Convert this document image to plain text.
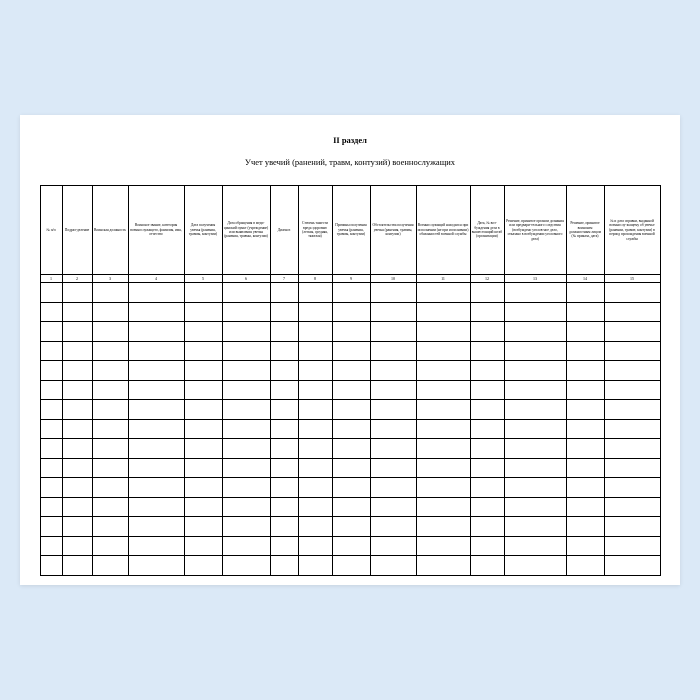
II раздел
Учет увечий (ранений, травм, контузий) военнослужащих
№ п/п	Подраз-деление	Воинская должность	Воинское звание, категория военнослужащего, фамилия, имя, отчество	Дата получения увечья (ранения, травмы, контузии)	Дата обращения в меди-цинский пункт (учреждение) или выявления увечья (ранения, травмы, контузии)	Диагноз	Степень тяжести вреда здоровью (легкая, средняя, тяжелая)	Причины получения увечья (ранения, травмы, контузии)	Обстоятельства получения увечья (ранения, травмы, контузии)	Военнослужащий находился при исполнении (не при исполнении) обязанностей военной службы	Дата, № воз-буждения дела в вышестоящий штаб (организации)	Решение, принятое органом дознания или предвари-тельного следствия (возбуждено уголов-ное дело, отказано в возбуждении уголовного дела)	Решение, принятое воинским должностным лицом (№ приказа, дата)	№ и дата справки, выданной военнослу-жащему об увечье (ранении, травме, контузии) в период прохождения военной службы

1	2	3	4	5	6	7	8	9	10	11	12	13	14	15
